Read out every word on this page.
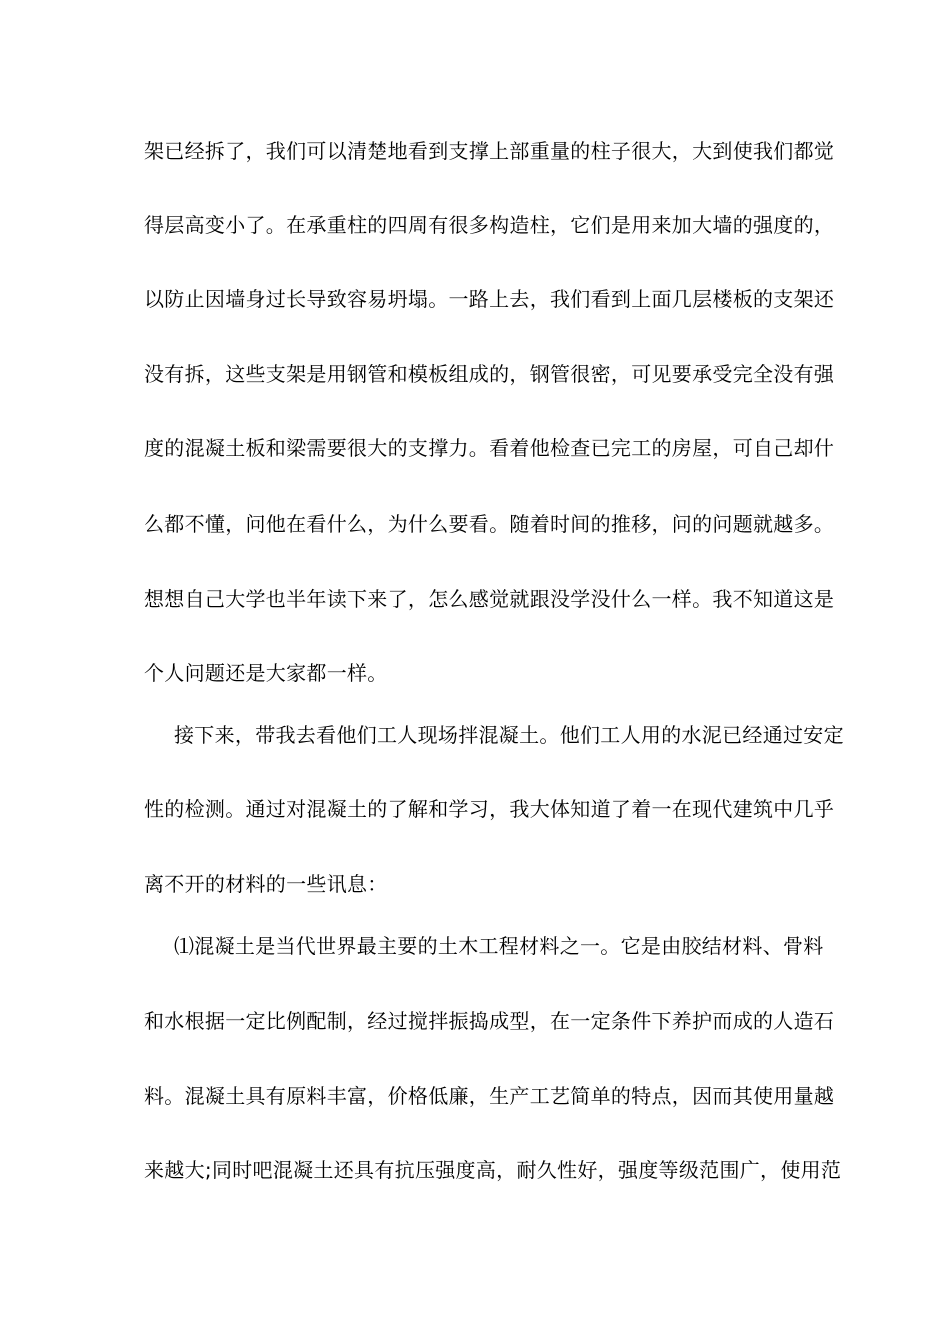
架已经拆了，我们可以清楚地看到支撑上部重量的柱子很大，大到使我们都觉
得层高变小了。在承重柱的四周有很多构造柱，它们是用来加大墙的强度的，
以防止因墙身过长导致容易坍塌。一路上去，我们看到上面几层楼板的支架还
没有拆，这些支架是用钢管和模板组成的，钢管很密，可见要承受完全没有强
度的混凝土板和梁需要很大的支撑力。看着他检查已完工的房屋，可自己却什
么都不懂，问他在看什么，为什么要看。随着时间的推移，问的问题就越多。
想想自己大学也半年读下来了，怎么感觉就跟没学没什么一样。我不知道这是
个人问题还是大家都一样。
接下来，带我去看他们工人现场拌混凝土。他们工人用的水泥已经通过安定
性的检测。通过对混凝土的了解和学习，我大体知道了着一在现代建筑中几乎
离不开的材料的一些讯息：
⑴混凝土是当代世界最主要的土木工程材料之一。它是由胶结材料、骨料
和水根据一定比例配制，经过搅拌振捣成型，在一定条件下养护而成的人造石
料。混凝土具有原料丰富，价格低廉，生产工艺简单的特点，因而其使用量越
来越大;同时吧混凝土还具有抗压强度高，耐久性好，强度等级范围广，使用范
